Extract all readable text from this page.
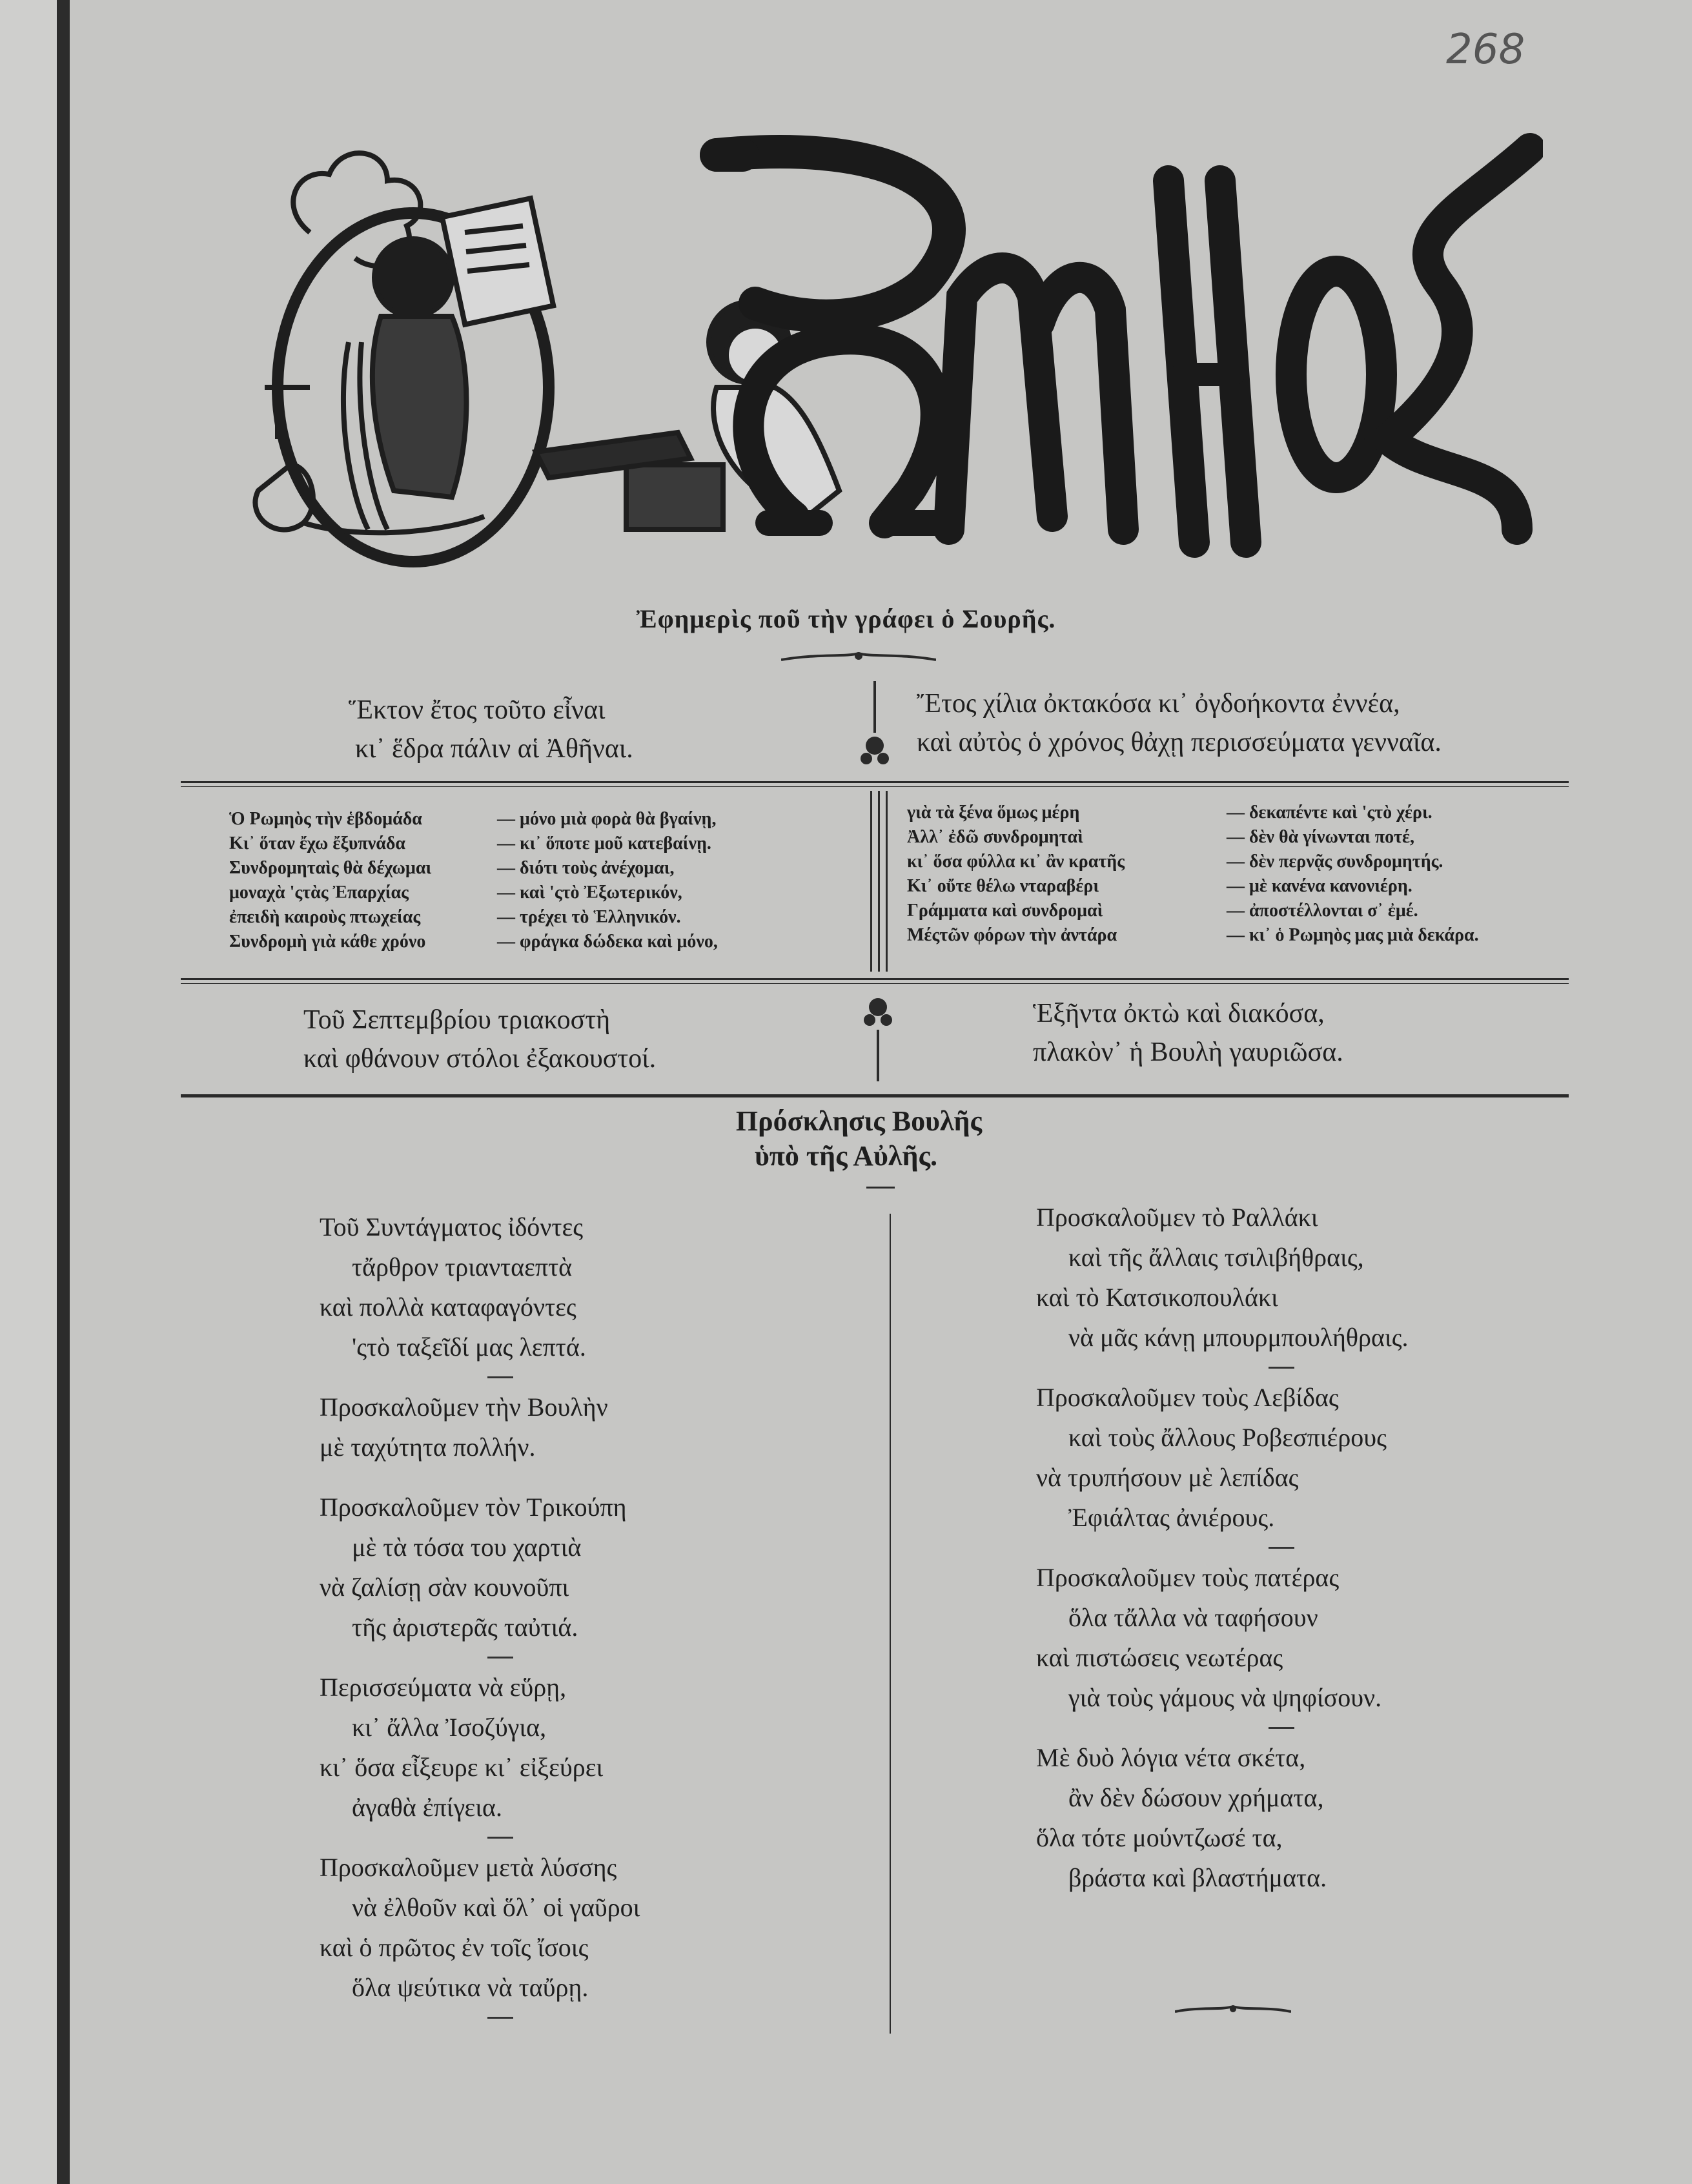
268
Ἐφημερὶς ποῦ τὴν γράφει ὁ Σουρῆς.
Ἕκτον ἔτος τοῦτο εἶναι
κι᾽ ἕδρα πάλιν αἱ Ἀθῆναι.
Ἔτος χίλια ὀκτακόσα κι᾽ ὀγδοήκοντα ἐννέα,
καὶ αὐτὸς ὁ χρόνος θἀχῃ περισσεύματα γενναῖα.
Ὁ Ρωμηὸς τὴν ἑβδομάδα	— μόνο μιὰ φορὰ θὰ βγαίνῃ,
Κι᾽ ὅταν ἔχω ἔξυπνάδα	— κι᾽ ὅποτε μοῦ κατεβαίνῃ.
Συνδρομηταὶς θὰ δέχωμαι	— διότι τοὺς ἀνέχομαι,
μοναχὰ 'ςτὰς Ἐπαρχίας	— καὶ 'ςτὸ Ἐξωτερικόν,
ἐπειδὴ καιροὺς πτωχείας	— τρέχει τὸ Ἑλληνικόν.
Συνδρομὴ γιὰ κάθε χρόνο	— φράγκα δώδεκα καὶ μόνο,
γιὰ τὰ ξένα ὅμως μέρη	— δεκαπέντε καὶ 'ςτὸ χέρι.
Ἀλλ᾽ ἐδῶ συνδρομηταὶ	— δὲν θὰ γίνωνται ποτέ,
κι᾽ ὅσα φύλλα κι᾽ ἂν κρατῆς	— δὲν περνᾷς συνδρομητής.
Κι᾽ οὔτε θέλω νταραβέρι	— μὲ κανένα κανονιέρη.
Γράμματα καὶ συνδρομαὶ	— ἀποστέλλονται σ᾽ ἐμέ.
Μέςτῶν φόρων τὴν ἀντάρα	— κι᾽ ὁ Ρωμηὸς μας μιὰ δεκάρα.
Τοῦ Σεπτεμβρίου τριακοστὴ
καὶ φθάνουν στόλοι ἐξακουστοί.
Ἑξῆντα ὀκτὼ καὶ διακόσα,
πλακὸν᾽ ἡ Βουλὴ γαυριῶσα.
Πρόσκλησις Βουλῆς
ὑπὸ τῆς Αὐλῆς.
Τοῦ Συντάγματος ἰδόντες
τἄρθρον τριανταεπτὰ
καὶ πολλὰ καταφαγόντες
'ςτὸ ταξεῖδί μας λεπτά.
Προσκαλοῦμεν τὴν Βουλὴν
μὲ ταχύτητα πολλήν.
Προσκαλοῦμεν τὸν Τρικούπη
μὲ τὰ τόσα του χαρτιὰ
νὰ ζαλίσῃ σὰν κουνοῦπι
τῆς ἀριστερᾶς ταὐτιά.
Περισσεύματα νὰ εὕρῃ,
κι᾽ ἄλλα Ἰσοζύγια,
κι᾽ ὅσα εἶξευρε κι᾽ εἰξεύρει
ἀγαθὰ ἐπίγεια.
Προσκαλοῦμεν μετὰ λύσσης
νὰ ἐλθοῦν καὶ ὅλ᾽ οἱ γαῦροι
καὶ ὁ πρῶτος ἐν τοῖς ἴσοις
ὅλα ψεύτικα νὰ ταὔρῃ.
Προσκαλοῦμεν τὸ Ραλλάκι
καὶ τῆς ἄλλαις τσιλιβήθραις,
καὶ τὸ Κατσικοπουλάκι
νὰ μᾶς κάνῃ μπουρμπουλήθραις.
Προσκαλοῦμεν τοὺς Λεβίδας
καὶ τοὺς ἄλλους Ροβεσπιέρους
νὰ τρυπήσουν μὲ λεπίδας
Ἐφιάλτας ἀνιέρους.
Προσκαλοῦμεν τοὺς πατέρας
ὅλα τἄλλα νὰ ταφήσουν
καὶ πιστώσεις νεωτέρας
γιὰ τοὺς γάμους νὰ ψηφίσουν.
Μὲ δυὸ λόγια νέτα σκέτα,
ἂν δὲν δώσουν χρήματα,
ὅλα τότε μούντζωσέ τα,
βράστα καὶ βλαστήματα.
